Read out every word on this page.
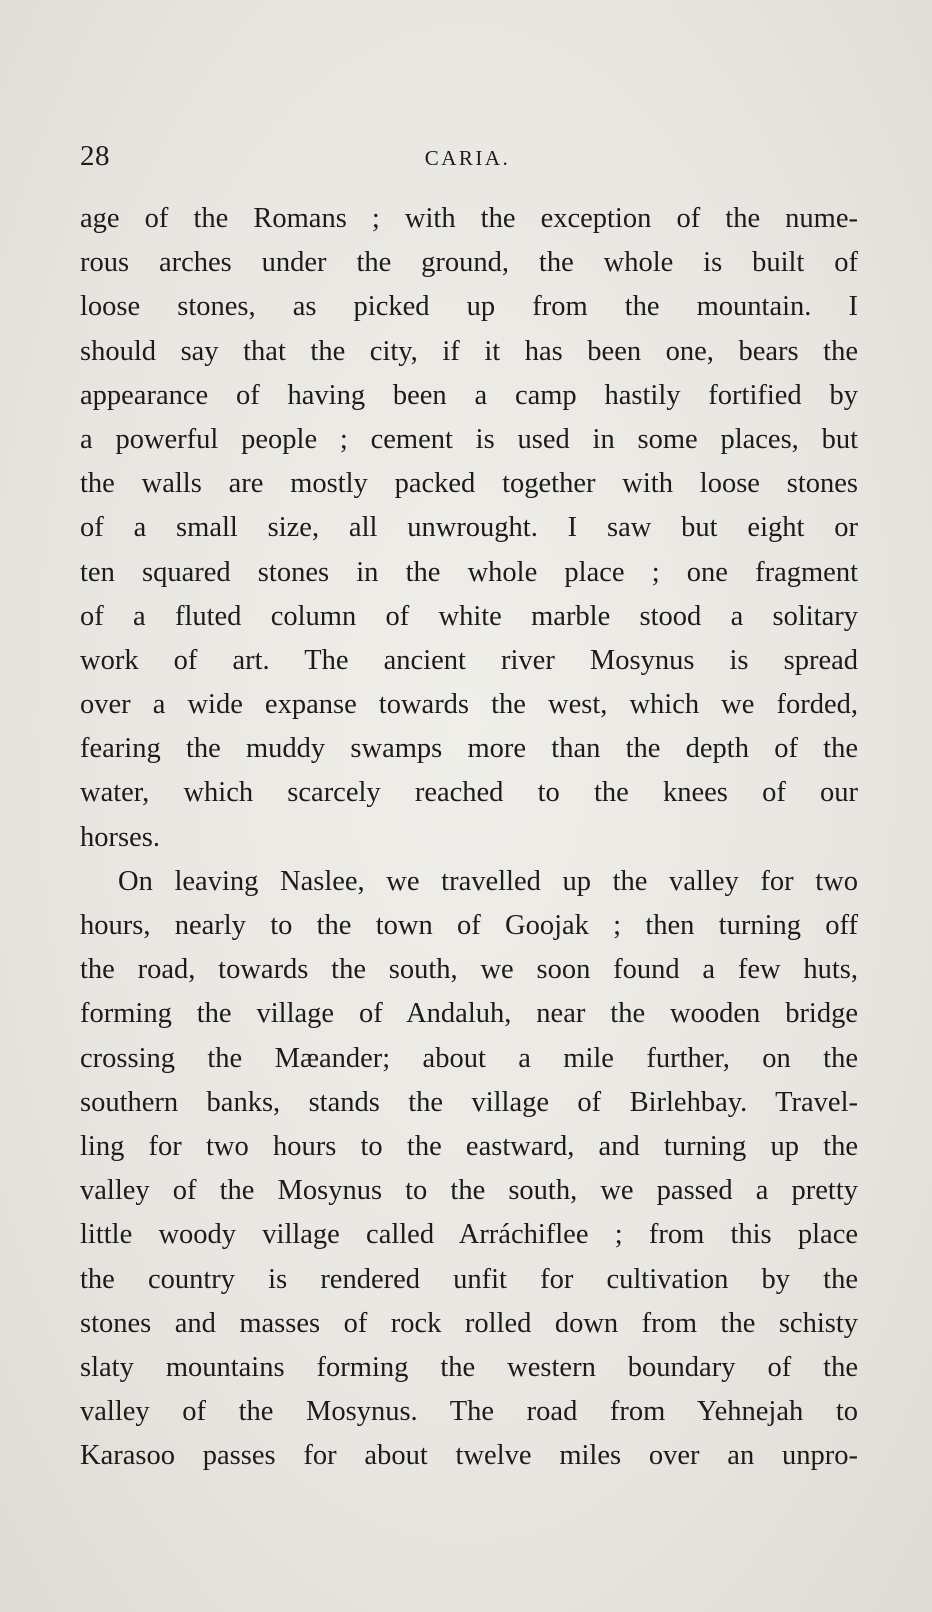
28	CARIA.
age of the Romans ; with the exception of the nume-
rous arches under the ground, the whole is built of
loose stones, as picked up from the mountain. I
should say that the city, if it has been one, bears the
appearance of having been a camp hastily fortified by
a powerful people ; cement is used in some places, but
the walls are mostly packed together with loose stones
of a small size, all unwrought. I saw but eight or
ten squared stones in the whole place ; one fragment
of a fluted column of white marble stood a solitary
work of art. The ancient river Mosynus is spread
over a wide expanse towards the west, which we forded,
fearing the muddy swamps more than the depth of the
water, which scarcely reached to the knees of our
horses.
On leaving Naslee, we travelled up the valley for two
hours, nearly to the town of Goojak ; then turning off
the road, towards the south, we soon found a few huts,
forming the village of Andaluh, near the wooden bridge
crossing the Mæander; about a mile further, on the
southern banks, stands the village of Birlehbay. Travel-
ling for two hours to the eastward, and turning up the
valley of the Mosynus to the south, we passed a pretty
little woody village called Arráchiflee ; from this place
the country is rendered unfit for cultivation by the
stones and masses of rock rolled down from the schisty
slaty mountains forming the western boundary of the
valley of the Mosynus. The road from Yehnejah to
Karasoo passes for about twelve miles over an unpro-
